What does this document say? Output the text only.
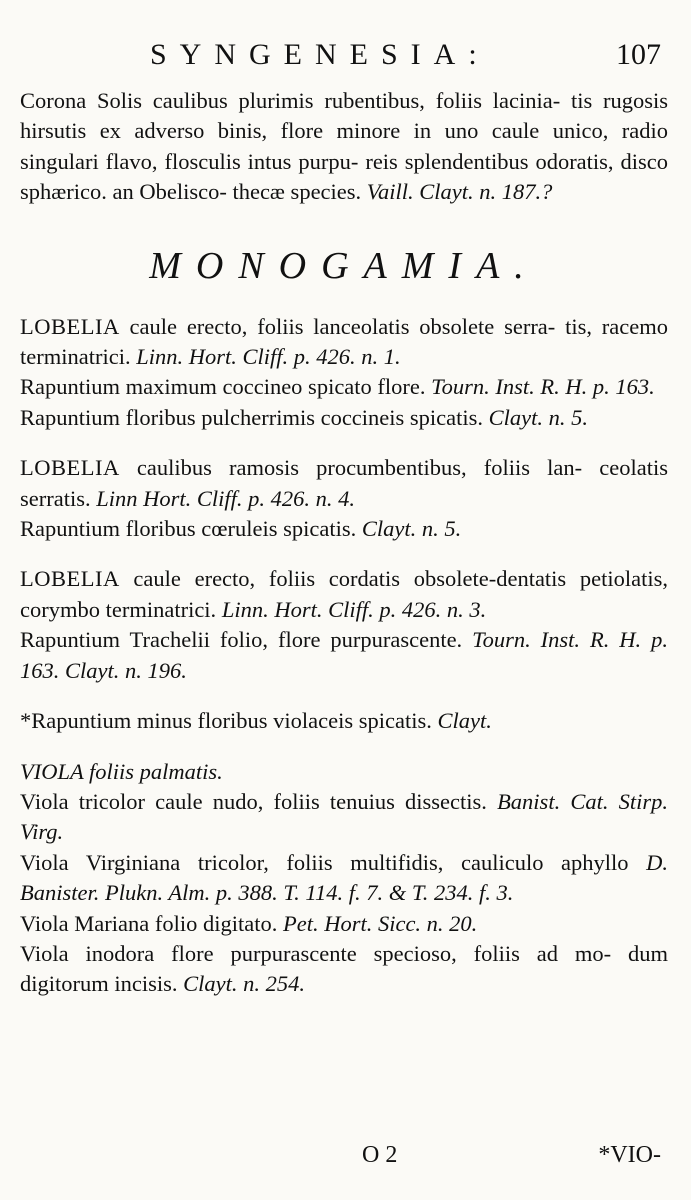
SYNGENESIA:	107

Corona Solis caulibus plurimis rubentibus, foliis lacinia- tis rugosis hirsutis ex adverso binis, flore minore in uno caule unico, radio singulari flavo, flosculis intus purpu- reis splendentibus odoratis, disco sphærico. an Obelisco- thecæ species. Vaill. Clayt. n. 187.?

MONOGAMIA.

LOBELIA caule erecto, foliis lanceolatis obsolete serra- tis, racemo terminatrici. Linn. Hort. Cliff. p. 426. n. 1.

Rapuntium maximum coccineo spicato flore. Tourn. Inst. R. H. p. 163.

Rapuntium floribus pulcherrimis coccineis spicatis. Clayt. n. 5.

LOBELIA caulibus ramosis procumbentibus, foliis lan- ceolatis serratis. Linn Hort. Cliff. p. 426. n. 4.

Rapuntium floribus cœruleis spicatis. Clayt. n. 5.

LOBELIA caule erecto, foliis cordatis obsolete-dentatis petiolatis, corymbo terminatrici. Linn. Hort. Cliff. p. 426. n. 3.

Rapuntium Trachelii folio, flore purpurascente. Tourn. Inst. R. H. p. 163. Clayt. n. 196.

*Rapuntium minus floribus violaceis spicatis. Clayt.

VIOLA foliis palmatis.

Viola tricolor caule nudo, foliis tenuius dissectis. Banist. Cat. Stirp. Virg.

Viola Virginiana tricolor, foliis multifidis, cauliculo aphyllo D. Banister. Plukn. Alm. p. 388. T. 114. f. 7. & T. 234. f. 3.

Viola Mariana folio digitato. Pet. Hort. Sicc. n. 20.

Viola inodora flore purpurascente specioso, foliis ad mo- dum digitorum incisis. Clayt. n. 254.

O 2	*VIO-
